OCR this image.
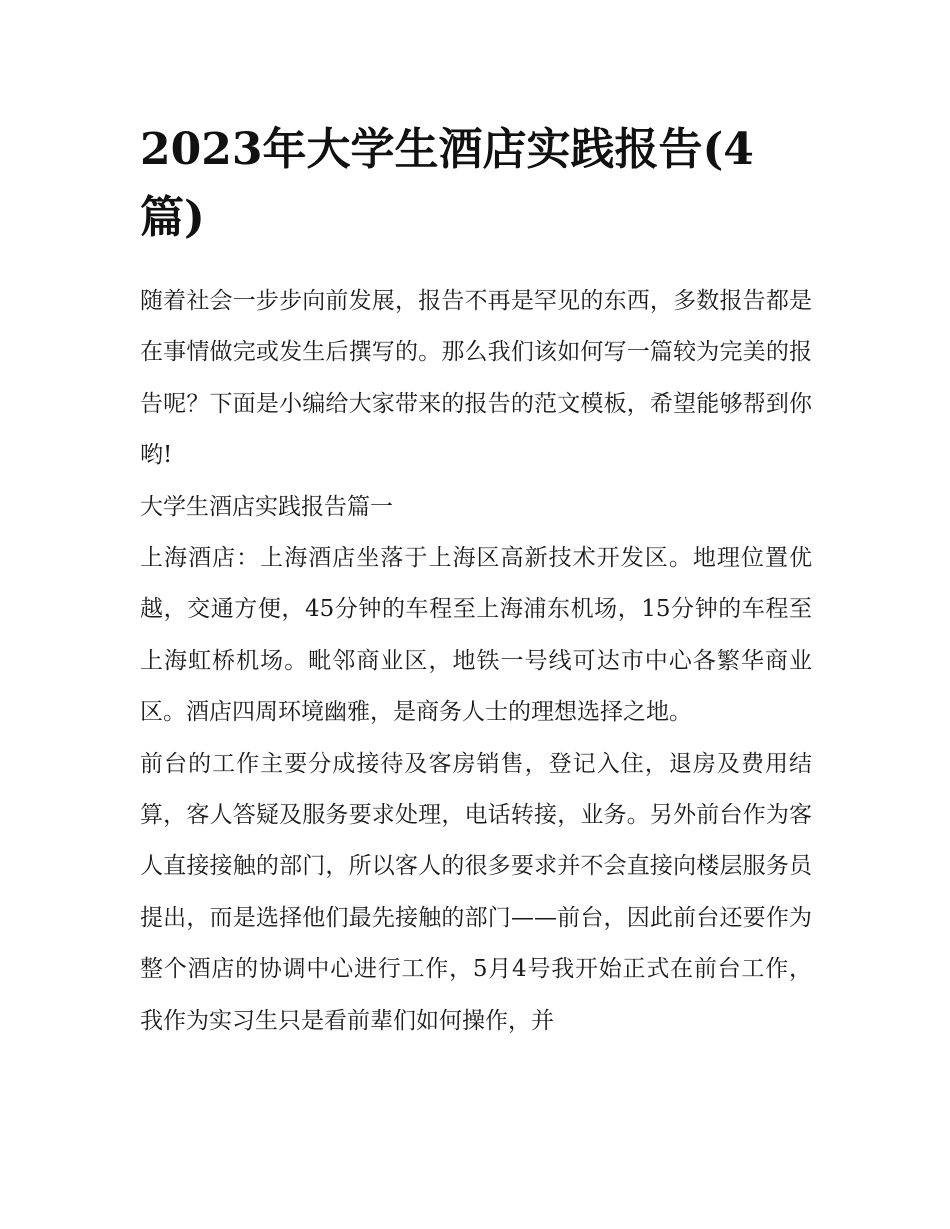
2023年大学生酒店实践报告(4篇)

随着社会一步步向前发展，报告不再是罕见的东西，多数报告都是在事情做完或发生后撰写的。那么我们该如何写一篇较为完美的报告呢？下面是小编给大家带来的报告的范文模板，希望能够帮到你哟!

大学生酒店实践报告篇一

上海酒店：上海酒店坐落于上海区高新技术开发区。地理位置优越，交通方便，45分钟的车程至上海浦东机场，15分钟的车程至上海虹桥机场。毗邻商业区，地铁一号线可达市中心各繁华商业区。酒店四周环境幽雅，是商务人士的理想选择之地。

前台的工作主要分成接待及客房销售，登记入住，退房及费用结算，客人答疑及服务要求处理，电话转接，业务。另外前台作为客人直接接触的部门，所以客人的很多要求并不会直接向楼层服务员提出，而是选择他们最先接触的部门——前台，因此前台还要作为整个酒店的协调中心进行工作，5月4号我开始正式在前台工作，我作为实习生只是看前辈们如何操作，并
